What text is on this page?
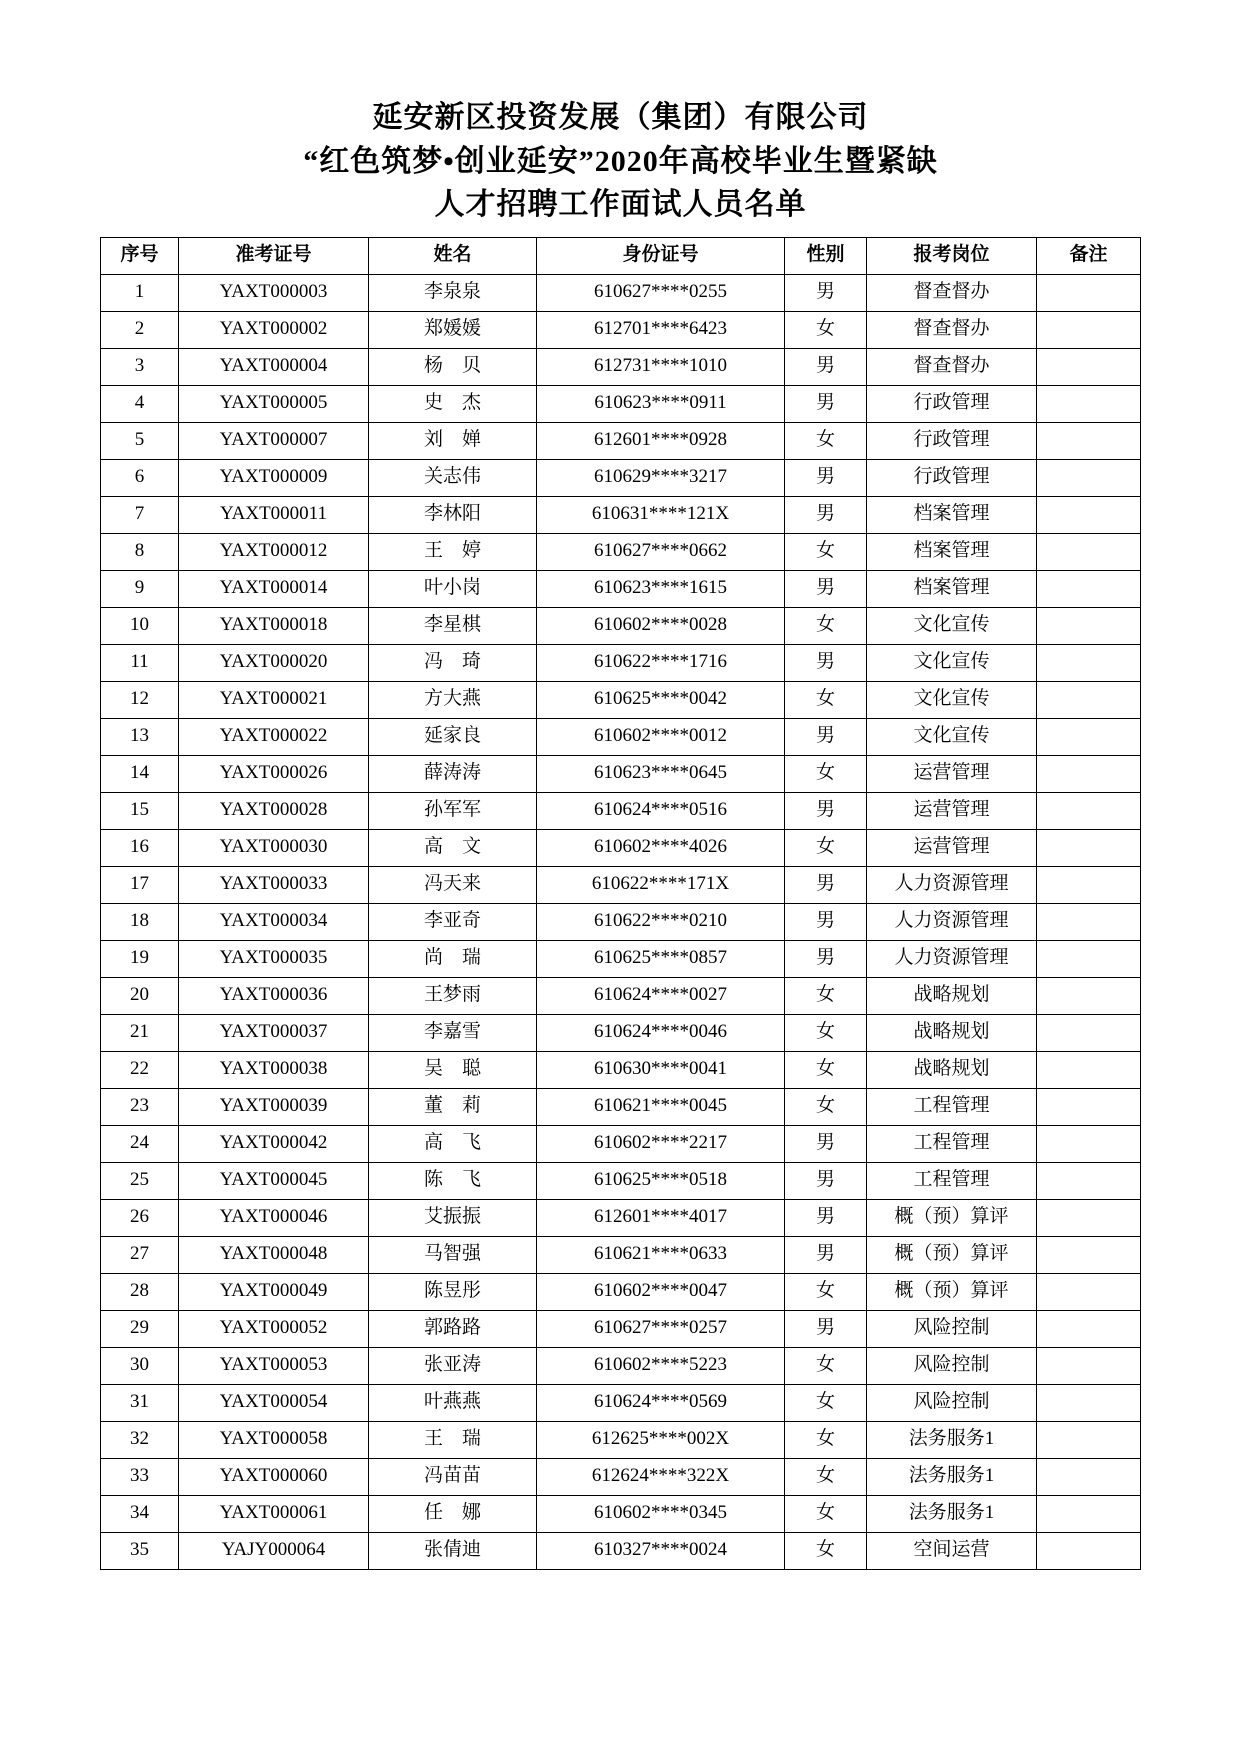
延安新区投资发展（集团）有限公司
“红色筑梦•创业延安”2020年高校毕业生暨紧缺
人才招聘工作面试人员名单
序号	准考证号	姓名	身份证号	性别	报考岗位	备注
1	YAXT000003	李泉泉	610627****0255	男	督查督办	
2	YAXT000002	郑媛媛	612701****6423	女	督查督办	
3	YAXT000004	杨　贝	612731****1010	男	督查督办	
4	YAXT000005	史　杰	610623****0911	男	行政管理	
5	YAXT000007	刘　婵	612601****0928	女	行政管理	
6	YAXT000009	关志伟	610629****3217	男	行政管理	
7	YAXT000011	李林阳	610631****121X	男	档案管理	
8	YAXT000012	王　婷	610627****0662	女	档案管理	
9	YAXT000014	叶小岗	610623****1615	男	档案管理	
10	YAXT000018	李星棋	610602****0028	女	文化宣传	
11	YAXT000020	冯　琦	610622****1716	男	文化宣传	
12	YAXT000021	方大燕	610625****0042	女	文化宣传	
13	YAXT000022	延家良	610602****0012	男	文化宣传	
14	YAXT000026	薛涛涛	610623****0645	女	运营管理	
15	YAXT000028	孙军军	610624****0516	男	运营管理	
16	YAXT000030	高　文	610602****4026	女	运营管理	
17	YAXT000033	冯天来	610622****171X	男	人力资源管理	
18	YAXT000034	李亚奇	610622****0210	男	人力资源管理	
19	YAXT000035	尚　瑞	610625****0857	男	人力资源管理	
20	YAXT000036	王梦雨	610624****0027	女	战略规划	
21	YAXT000037	李嘉雪	610624****0046	女	战略规划	
22	YAXT000038	吴　聪	610630****0041	女	战略规划	
23	YAXT000039	董　莉	610621****0045	女	工程管理	
24	YAXT000042	高　飞	610602****2217	男	工程管理	
25	YAXT000045	陈　飞	610625****0518	男	工程管理	
26	YAXT000046	艾振振	612601****4017	男	概（预）算评	
27	YAXT000048	马智强	610621****0633	男	概（预）算评	
28	YAXT000049	陈昱彤	610602****0047	女	概（预）算评	
29	YAXT000052	郭路路	610627****0257	男	风险控制	
30	YAXT000053	张亚涛	610602****5223	女	风险控制	
31	YAXT000054	叶燕燕	610624****0569	女	风险控制	
32	YAXT000058	王　瑞	612625****002X	女	法务服务1	
33	YAXT000060	冯苗苗	612624****322X	女	法务服务1	
34	YAXT000061	任　娜	610602****0345	女	法务服务1	
35	YAJY000064	张倩迪	610327****0024	女	空间运营	
